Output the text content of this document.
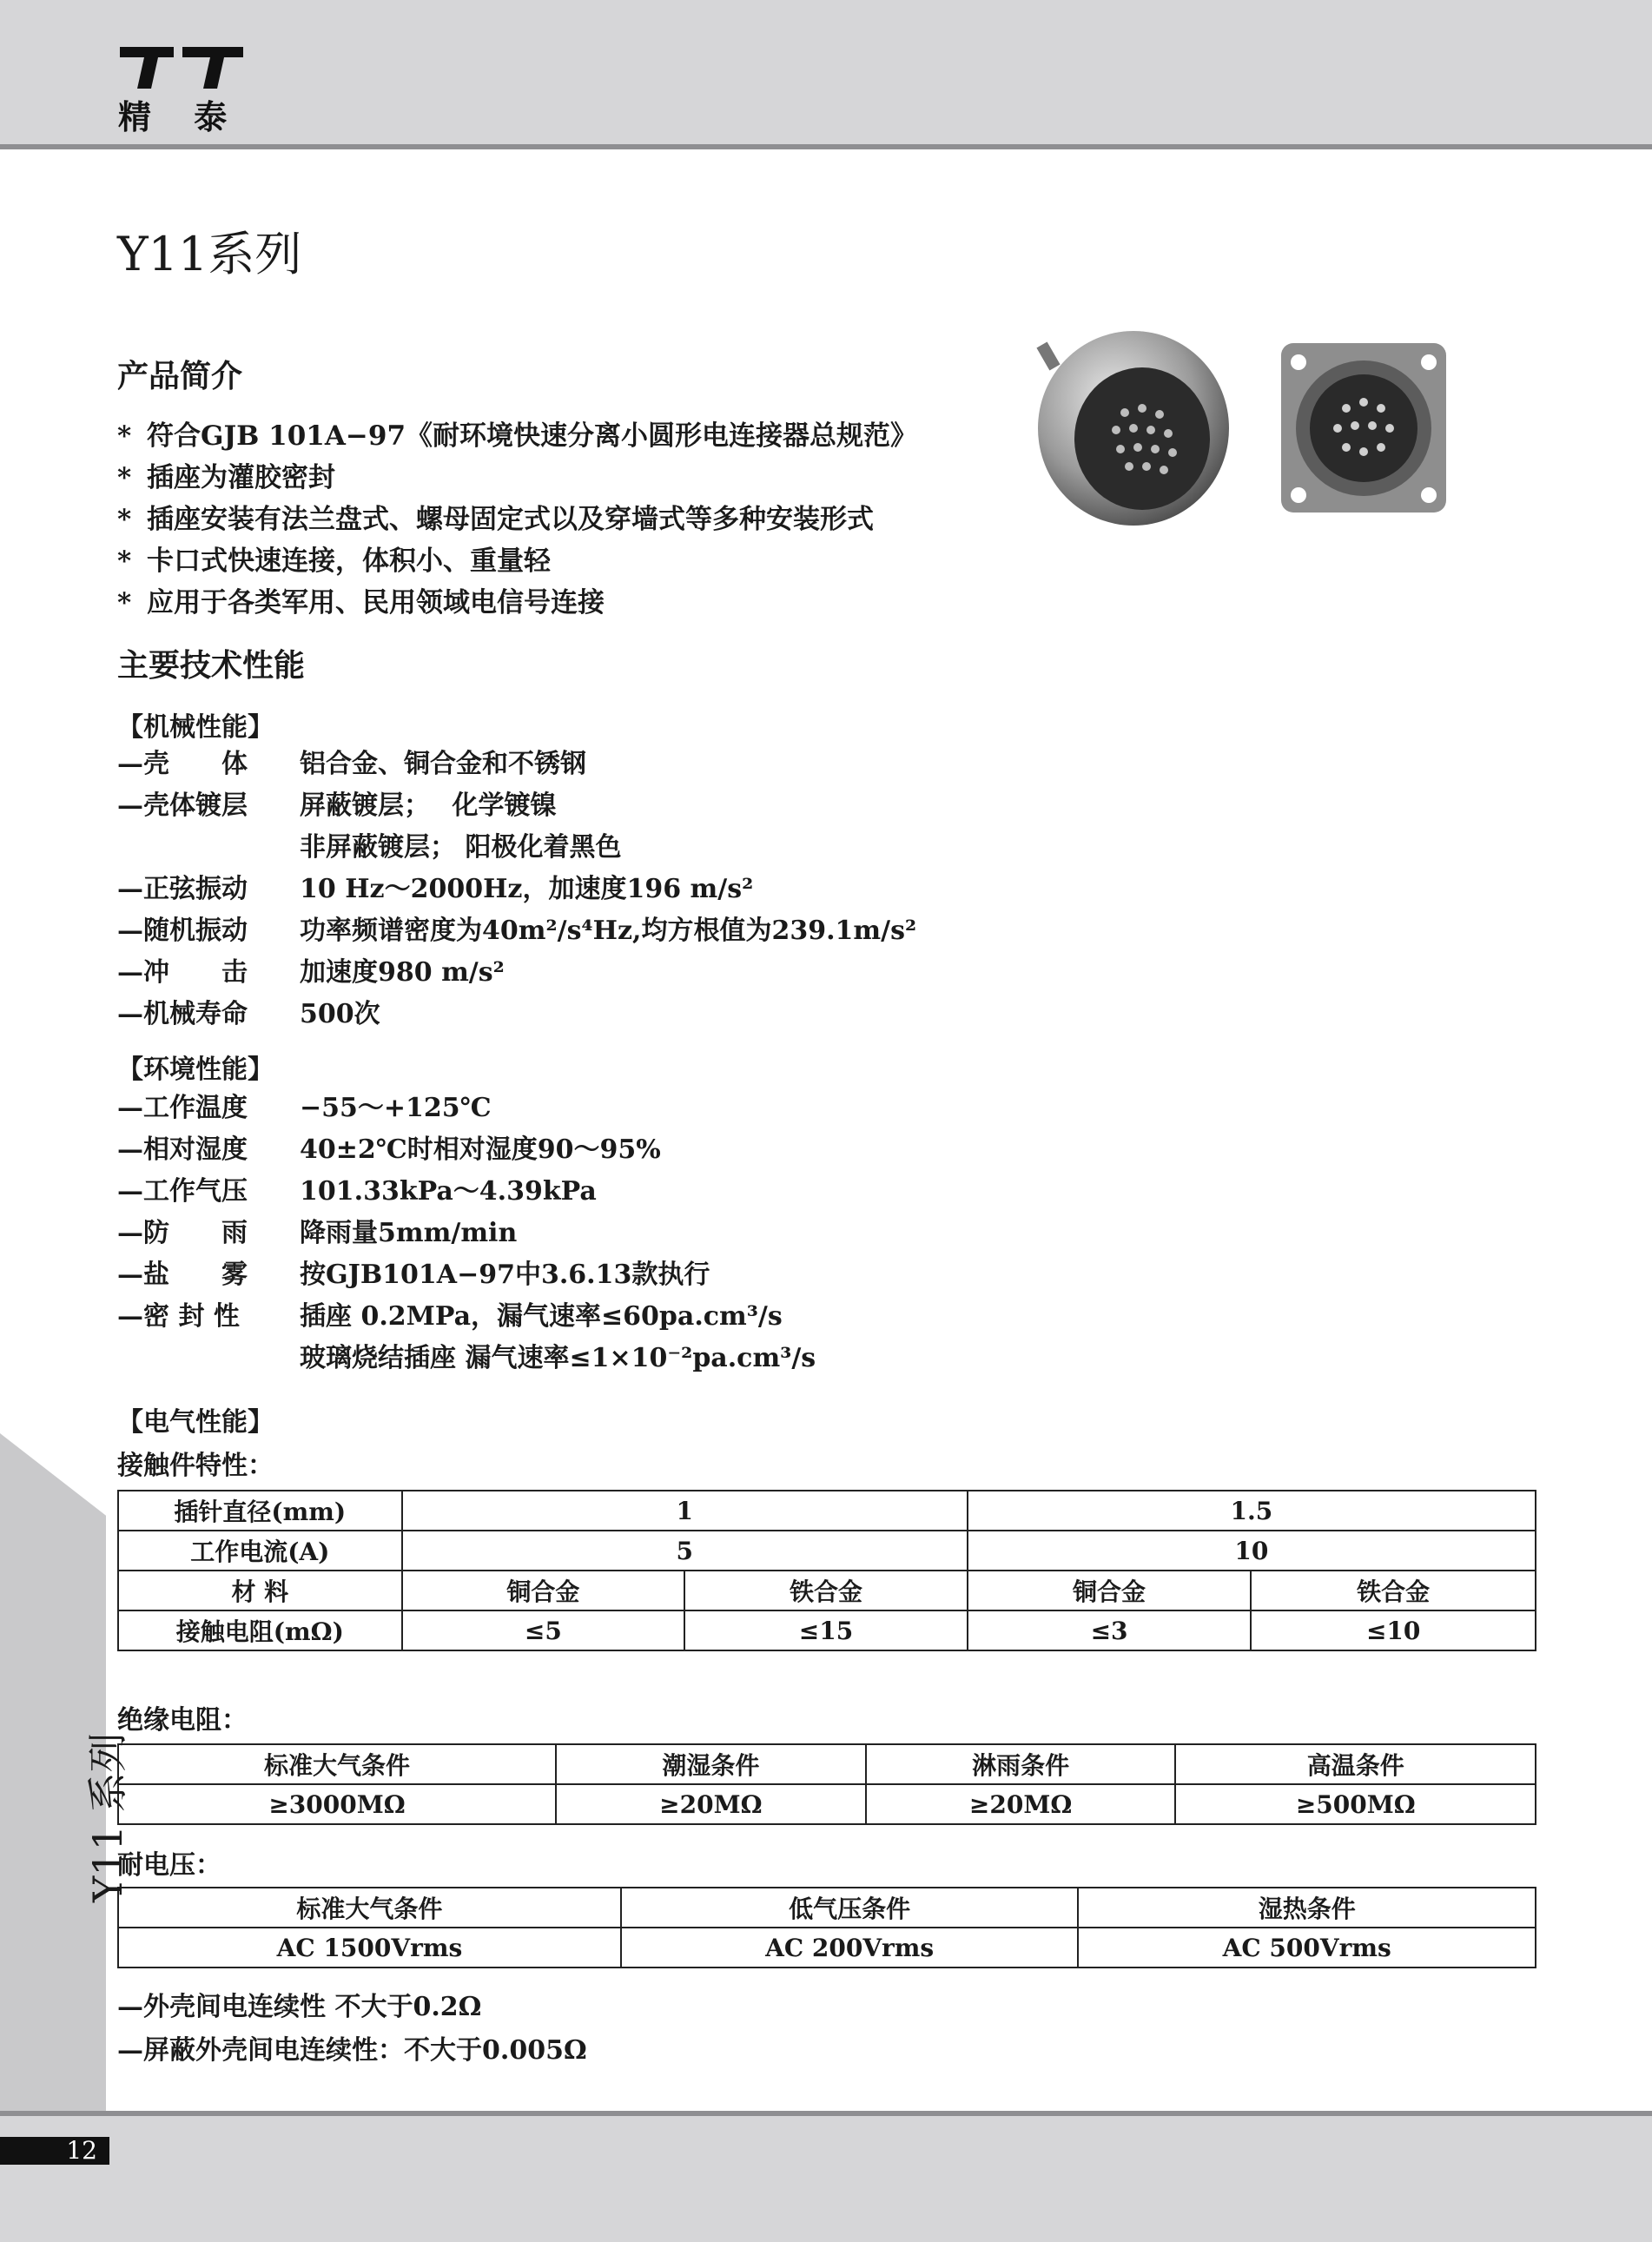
精 泰
Y11系列
产品简介
* 符合GJB 101A−97《耐环境快速分离小圆形电连接器总规范》
* 插座为灌胶密封
* 插座安装有法兰盘式、螺母固定式以及穿墙式等多种安装形式
* 卡口式快速连接，体积小、重量轻
* 应用于各类军用、民用领域电信号连接
主要技术性能
【机械性能】
—壳　　体 铝合金、铜合金和不锈钢
—壳体镀层 屏蔽镀层；　 化学镀镍
非屏蔽镀层； 阳极化着黑色
—正弦振动 10 Hz～2000Hz，加速度196 m/s²
—随机振动 功率频谱密度为40m²/s⁴Hz,均方根值为239.1m/s²
—冲　　击 加速度980 m/s²
—机械寿命 500次
【环境性能】
—工作温度 −55～+125℃
—相对湿度 40±2℃时相对湿度90～95%
—工作气压 101.33kPa～4.39kPa
—防　　雨 降雨量5mm/min
—盐　　雾 按GJB101A−97中3.6.13款执行
—密 封 性 插座 0.2MPa，漏气速率≤60pa.cm³/s
玻璃烧结插座 漏气速率≤1×10⁻²pa.cm³/s
【电气性能】
接触件特性：
插针直径(mm)	1		1.5	
工作电流(A)	5		10	
材 料	铜合金	铁合金	铜合金	铁合金
接触电阻(mΩ)	≤5	≤15	≤3	≤10
绝缘电阻：
标准大气条件	潮湿条件	淋雨条件	高温条件
≥3000MΩ	≥20MΩ	≥20MΩ	≥500MΩ
耐电压：
标准大气条件	低气压条件	湿热条件
AC 1500Vrms	AC 200Vrms	AC 500Vrms
—外壳间电连续性 不大于0.2Ω
—屏蔽外壳间电连续性：不大于0.005Ω
Y11 系列
12
